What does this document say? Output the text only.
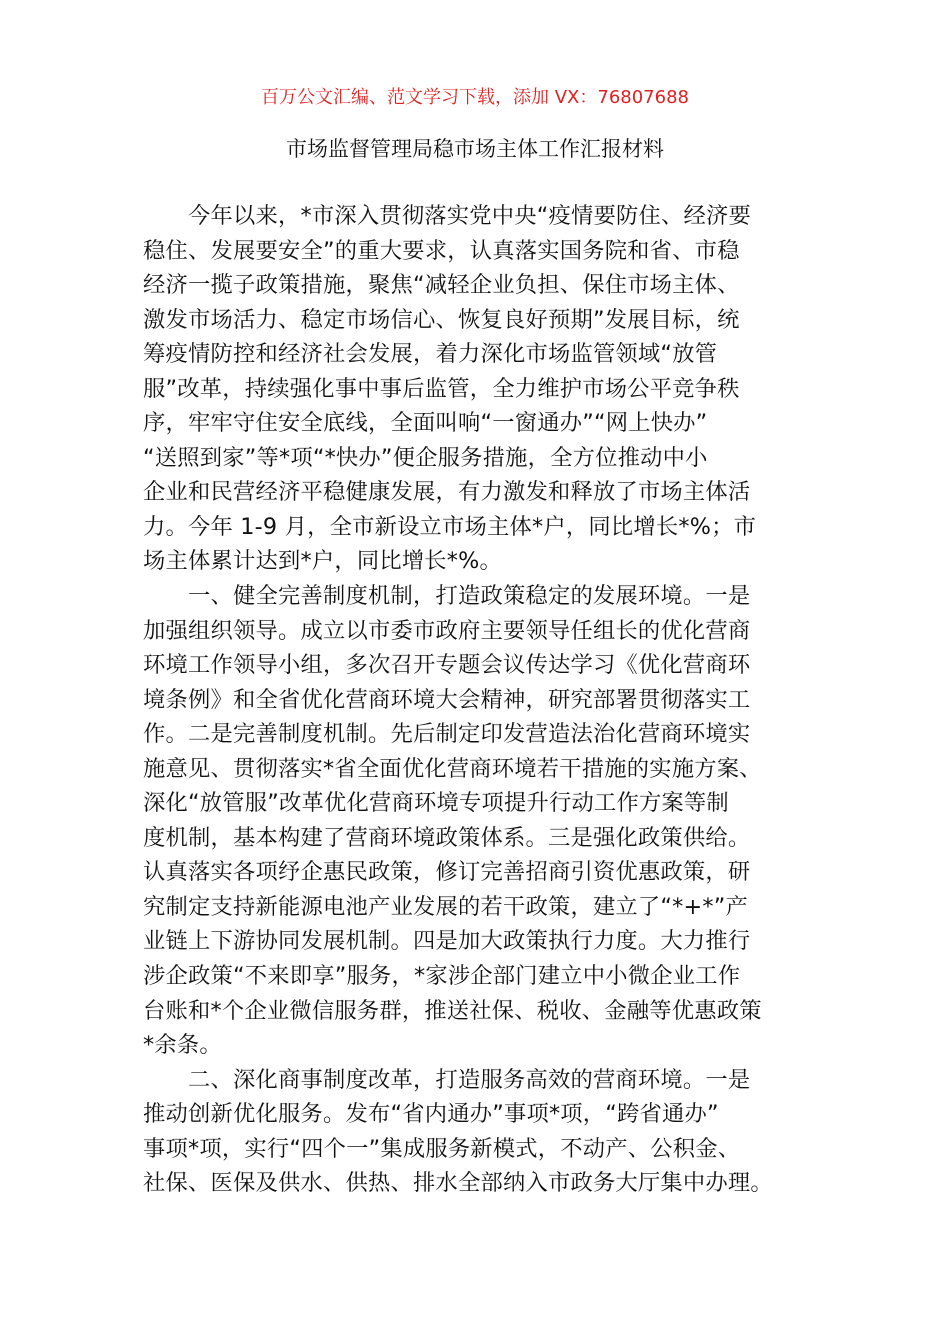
百万公文汇编、范文学习下载，添加 VX：76807688
市场监督管理局稳市场主体工作汇报材料
　　今年以来，*市深入贯彻落实党中央“疫情要防住、经济要
稳住、发展要安全”的重大要求，认真落实国务院和省、市稳
经济一揽子政策措施，聚焦“减轻企业负担、保住市场主体、
激发市场活力、稳定市场信心、恢复良好预期”发展目标，统
筹疫情防控和经济社会发展，着力深化市场监管领域“放管
服”改革，持续强化事中事后监管，全力维护市场公平竞争秩
序，牢牢守住安全底线，全面叫响“一窗通办”“网上快办”
“送照到家”等*项“*快办”便企服务措施，全方位推动中小
企业和民营经济平稳健康发展，有力激发和释放了市场主体活
力。今年 1-9 月，全市新设立市场主体*户，同比增长*%；市
场主体累计达到*户，同比增长*%。
　　一、健全完善制度机制，打造政策稳定的发展环境。一是
加强组织领导。成立以市委市政府主要领导任组长的优化营商
环境工作领导小组，多次召开专题会议传达学习《优化营商环
境条例》和全省优化营商环境大会精神，研究部署贯彻落实工
作。二是完善制度机制。先后制定印发营造法治化营商环境实
施意见、贯彻落实*省全面优化营商环境若干措施的实施方案、
深化“放管服”改革优化营商环境专项提升行动工作方案等制
度机制，基本构建了营商环境政策体系。三是强化政策供给。
认真落实各项纾企惠民政策，修订完善招商引资优惠政策，研
究制定支持新能源电池产业发展的若干政策，建立了“*+*”产
业链上下游协同发展机制。四是加大政策执行力度。大力推行
涉企政策“不来即享”服务，*家涉企部门建立中小微企业工作
台账和*个企业微信服务群，推送社保、税收、金融等优惠政策
*余条。
　　二、深化商事制度改革，打造服务高效的营商环境。一是
推动创新优化服务。发布“省内通办”事项*项，“跨省通办”
事项*项，实行“四个一”集成服务新模式，不动产、公积金、
社保、医保及供水、供热、排水全部纳入市政务大厅集中办理。
